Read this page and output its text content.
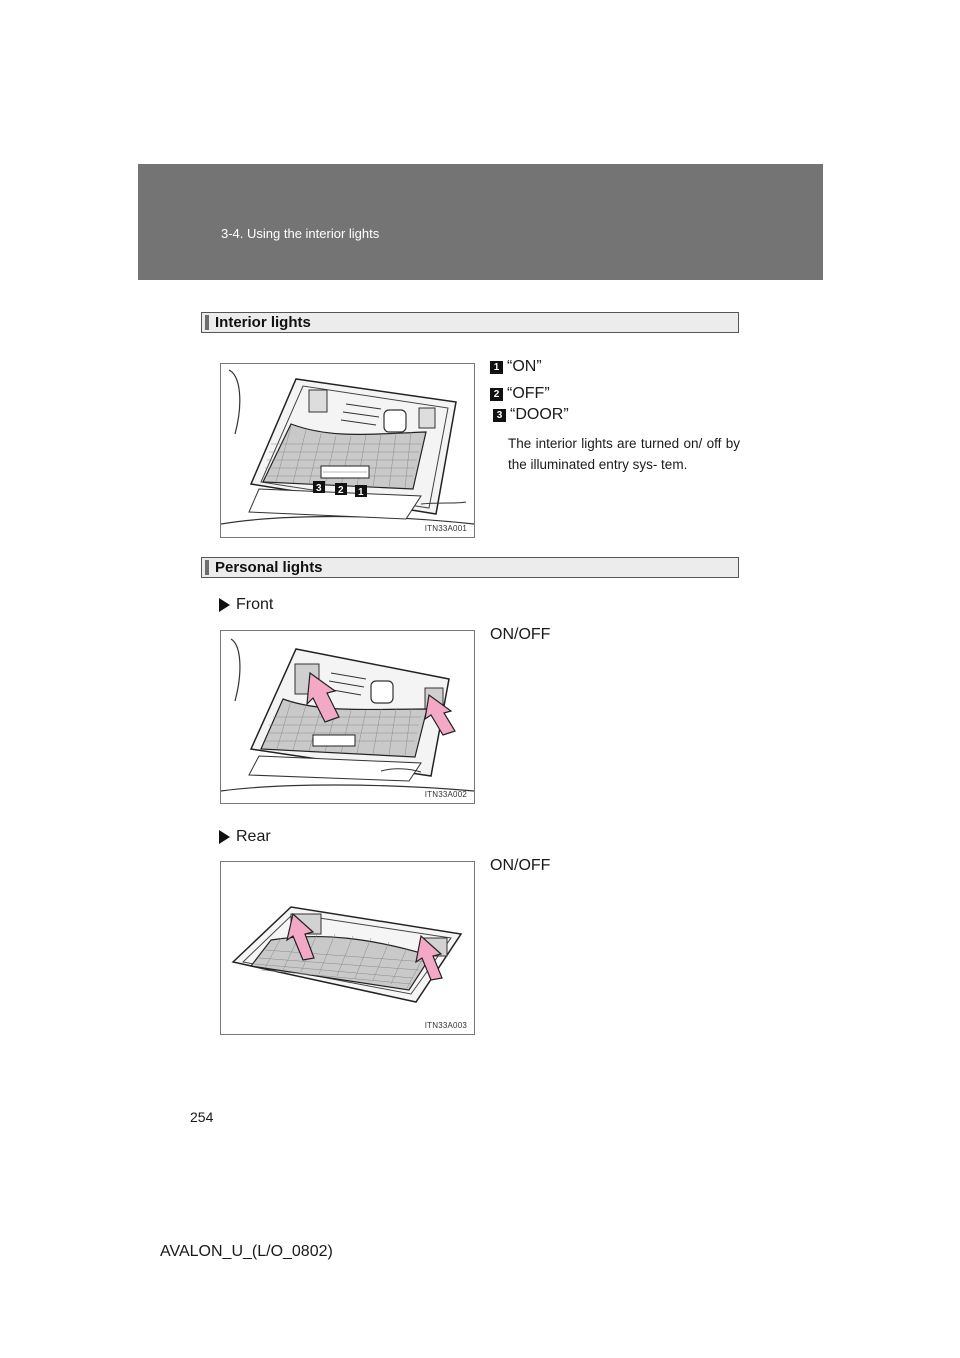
3-4. Using the interior lights
Interior lights
3 2 1
ITN33A001
1 “ON”
2 “OFF”
3 “DOOR”
The interior lights are turned on/ off by the illuminated entry sys- tem.
Personal lights
Front
ON/OFF
ITN33A002
Rear
ON/OFF
ITN33A003
254
AVALON_U_(L/O_0802)
